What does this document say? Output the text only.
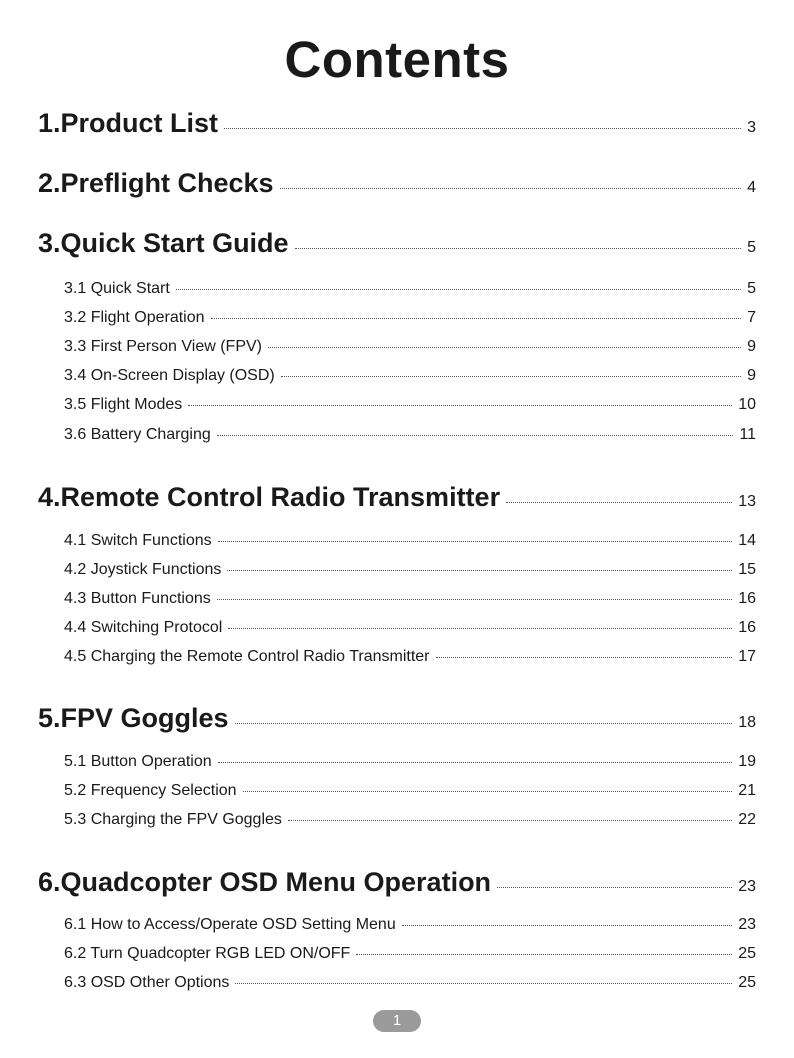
Contents
1.Product List	3
2.Preflight Checks	4
3.Quick Start Guide	5
3.1 Quick Start	5
3.2 Flight Operation	7
3.3 First Person View (FPV)	9
3.4 On-Screen Display (OSD)	9
3.5 Flight Modes	10
3.6 Battery Charging	11
4.Remote Control Radio Transmitter	13
4.1 Switch Functions	14
4.2 Joystick Functions	15
4.3 Button Functions	16
4.4 Switching Protocol	16
4.5 Charging the Remote Control Radio Transmitter	17
5.FPV Goggles	18
5.1 Button Operation	19
5.2 Frequency Selection	21
5.3 Charging the FPV Goggles	22
6.Quadcopter OSD Menu Operation	23
6.1 How to Access/Operate OSD Setting Menu	23
6.2 Turn Quadcopter RGB LED ON/OFF	25
6.3 OSD Other Options	25
1
